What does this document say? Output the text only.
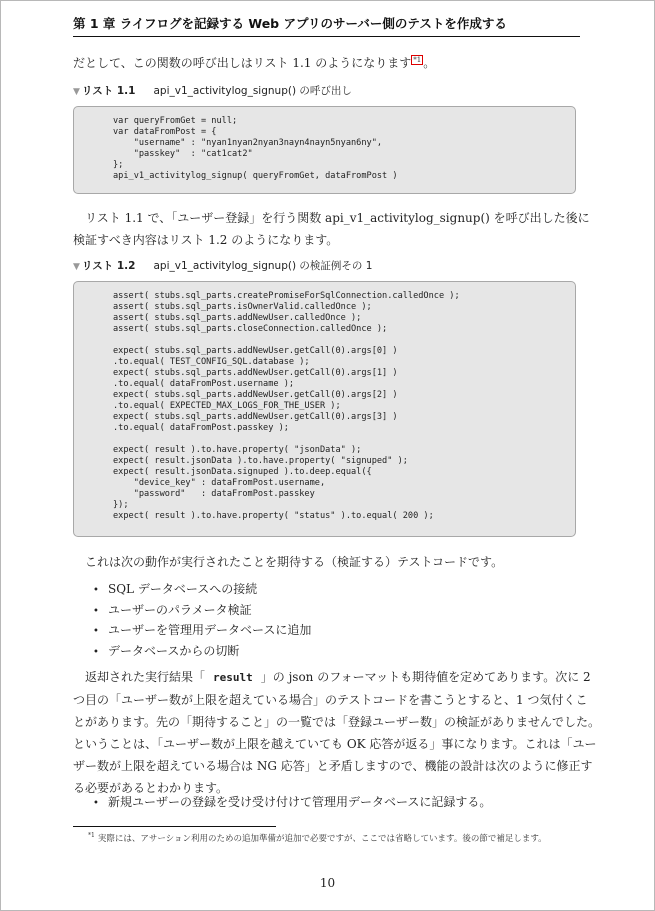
第 1 章 ライフログを記録する Web アプリのサーバー側のテストを作成する
だとして、この関数の呼び出しはリスト 1.1 のようになります *1 。
▼ リスト 1.1 api_v1_activitylog_signup() の呼び出し
var queryFromGet = null;
var dataFromPost = {
"username" : "nyan1nyan2nyan3nayn4nayn5nyan6ny",
"passkey"  : "cat1cat2"
};
api_v1_activitylog_signup( queryFromGet, dataFromPost )
　リスト 1.1 で、「ユーザー登録」を行う関数 api_v1_activitylog_signup() を呼び出した後に
検証すべき内容はリスト 1.2 のようになります。
▼ リスト 1.2 api_v1_activitylog_signup() の検証例その 1
assert( stubs.sql_parts.createPromiseForSqlConnection.calledOnce );
assert( stubs.sql_parts.isOwnerValid.calledOnce );
assert( stubs.sql_parts.addNewUser.calledOnce );
assert( stubs.sql_parts.closeConnection.calledOnce );

expect( stubs.sql_parts.addNewUser.getCall(0).args[0] )
.to.equal( TEST_CONFIG_SQL.database );
expect( stubs.sql_parts.addNewUser.getCall(0).args[1] )
.to.equal( dataFromPost.username );
expect( stubs.sql_parts.addNewUser.getCall(0).args[2] )
.to.equal( EXPECTED_MAX_LOGS_FOR_THE_USER );
expect( stubs.sql_parts.addNewUser.getCall(0).args[3] )
.to.equal( dataFromPost.passkey );

expect( result ).to.have.property( "jsonData" );
expect( result.jsonData ).to.have.property( "signuped" );
expect( result.jsonData.signuped ).to.deep.equal({
"device_key" : dataFromPost.username,
"password"   : dataFromPost.passkey
});
expect( result ).to.have.property( "status" ).to.equal( 200 );
　これは次の動作が実行されたことを期待する（検証する）テストコードです。
• SQL データベースへの接続
• ユーザーのパラメータ検証
• ユーザーを管理用データベースに追加
• データベースからの切断
　返却された実行結果「 result 」の json のフォーマットも期待値を定めてあります。次に 2
つ目の「ユーザー数が上限を超えている場合」のテストコードを書こうとすると、1 つ気付くこ
とがあります。先の「期待すること」の一覧では「登録ユーザー数」の検証がありませんでした。
ということは、「ユーザー数が上限を越えていても OK 応答が返る」事になります。これは「ユー
ザー数が上限を超えている場合は NG 応答」と矛盾しますので、機能の設計は次のように修正す
る必要があるとわかります。
• 新規ユーザーの登録を受け受け付けて管理用データベースに記録する。
$^{*1}$ 実際には、アサーション利用のための追加準備が追加で必要ですが、ここでは省略しています。後の節で補足します。
10
